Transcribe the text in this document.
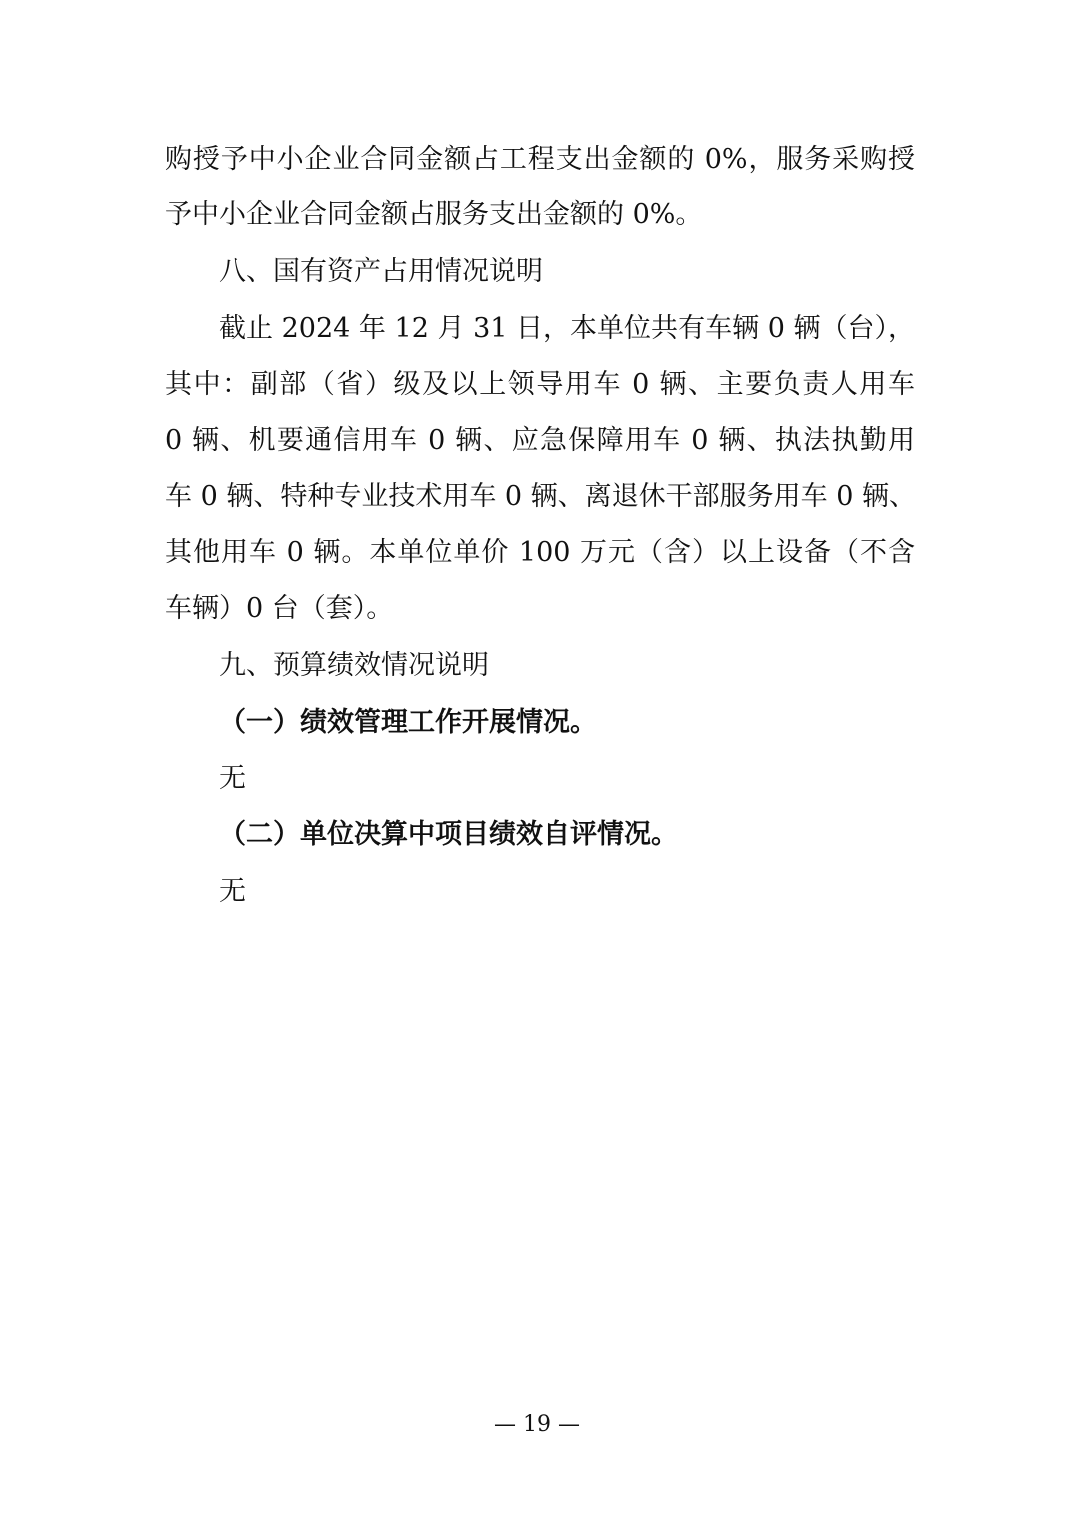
购授予中小企业合同金额占工程支出金额的 0%，服务采购授
予中小企业合同金额占服务支出金额的 0%。
八、国有资产占用情况说明
截止 2024 年 12 月 31 日，本单位共有车辆 0 辆（台），
其中：副部（省）级及以上领导用车 0 辆、主要负责人用车
0 辆、机要通信用车 0 辆、应急保障用车 0 辆、执法执勤用
车 0 辆、特种专业技术用车 0 辆、离退休干部服务用车 0 辆、
其他用车 0 辆。本单位单价 100 万元（含）以上设备（不含
车辆）0 台（套）。
九、预算绩效情况说明
（一）绩效管理工作开展情况。
无
（二）单位决算中项目绩效自评情况。
无
— 19 —
